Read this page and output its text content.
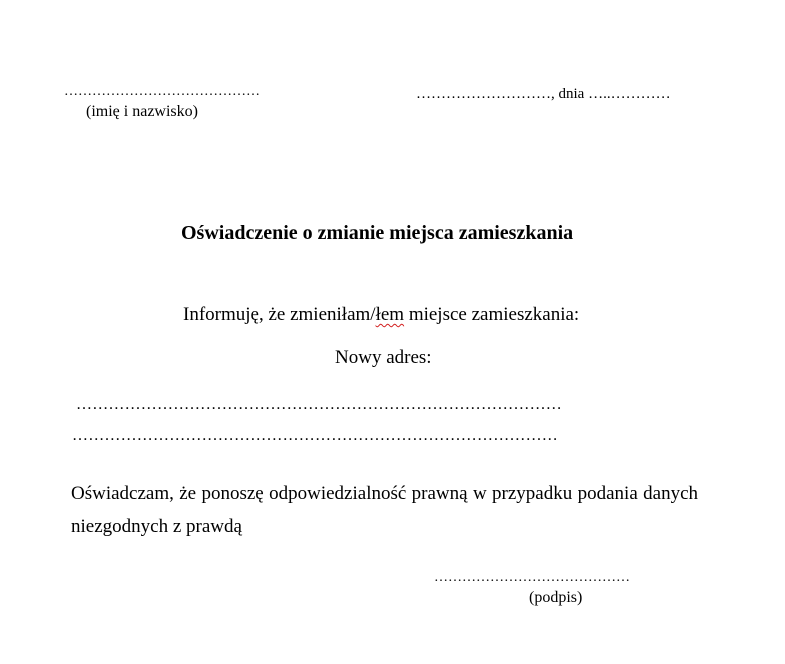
……………………………………
(imię i nazwisko)
………………………, dnia …..…………
Oświadczenie o zmianie miejsca zamieszkania
Informuję, że zmieniłam/łem miejsce zamieszkania:
Nowy adres:
………………………………………………………………………………
………………………………………………………………………………
Oświadczam, że ponoszę odpowiedzialność prawną w przypadku podania danych niezgodnych z prawdą
……………………………………
(podpis)
